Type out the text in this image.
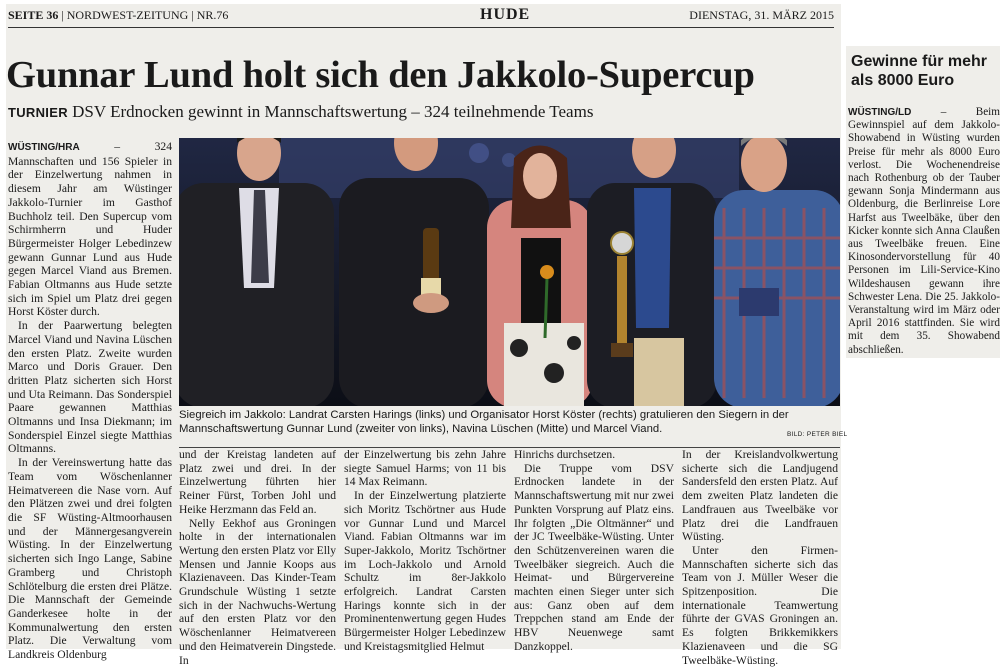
Gewinne für mehr als 8000 Euro

WÜSTING/LD	– Beim Gewinnspiel auf dem Jakkolo-Showabend in Wüsting wurden Preise für mehr als 8000 Euro verlost. Die Wochenendreise nach Rothenburg ob der Tauber gewann Sonja Mindermann aus Oldenburg, die Berlinreise Lore Harfst aus Tweelbäke, über den Kicker konnte sich Anna Claußen aus Tweelbäke freuen. Eine Kinosondervorstellung für 40 Personen im Lili-Service-Kino Wildeshausen gewann ihre Schwester Lena. Die 25. Jakkolo-Veranstaltung wird im März oder April 2016 stattfinden. Sie wird mit dem 35. Showabend abschließen.

SEITE 36 | NORDWEST-ZEITUNG | NR.76	HUDE	DIENSTAG, 31. MÄRZ 2015
Gunnar Lund holt sich den Jakkolo-Supercup
TURNIER DSV Erdnocken gewinnt in Mannschaftswertung – 324 teilnehmende Teams

WÜSTING/HRA	– 324 Mannschaften und 156 Spieler in der Einzelwertung nahmen in diesem Jahr am Wüstinger Jakkolo-Turnier im Gasthof Buchholz teil. Den Supercup vom Schirmherrn und Huder Bürgermeister Holger Lebedinzew gewann Gunnar Lund aus Hude gegen Marcel Viand aus Bremen. Fabian Oltmanns aus Hude setzte sich im Spiel um Platz drei gegen Horst Köster durch.

In der Paarwertung belegten Marcel Viand und Navina Lüschen den ersten Platz. Zweite wurden Marco und Doris Grauer. Den dritten Platz sicherten sich Horst und Uta Reimann. Das Sonderspiel Paare gewannen Matthias Oltmanns und Insa Diekmann; im Sonderspiel Einzel siegte Matthias Oltmanns.

In der Vereinswertung hatte das Team vom Wöschenlanner Heimatvereen die Nase vorn. Auf den Plätzen zwei und drei folgten die SF Wüsting-Altmoorhausen und der Männergesangverein Wüsting. In der Einzelwertung sicherten sich Ingo Lange, Sabine Gramberg und Christoph Schlötelburg die ersten drei Plätze. Die Mannschaft der Gemeinde Ganderkesee holte in der Kommunalwertung den ersten Platz. Die Verwaltung vom Landkreis Oldenburg

Siegreich im Jakkolo: Landrat Carsten Harings (links) und Organisator Horst Köster (rechts) gratulieren den Siegern in der Mannschaftswertung Gunnar Lund (zweiter von links), Navina Lüschen (Mitte) und Marcel Viand.	BILD: PETER BIEL

und der Kreistag landeten auf Platz zwei und drei. In der Einzelwertung führten hier Reiner Fürst, Torben Johl und Heike Herzmann das Feld an.

Nelly Eekhof aus Groningen holte in der internationalen Wertung den ersten Platz vor Elly Mensen und Jannie Koops aus Klazienaveen. Das Kinder-Team Grundschule Wüsting 1 setzte sich in der Nachwuchs-Wertung auf den ersten Platz vor den Wöschenlanner Heimatvereen und den Heimatverein Dingstede. In

der Einzelwertung bis zehn Jahre siegte Samuel Harms; von 11 bis 14 Max Reimann.

In der Einzelwertung platzierte sich Moritz Tschörtner aus Hude vor Gunnar Lund und Marcel Viand. Fabian Oltmanns war im Super-Jakkolo, Moritz Tschörtner im Loch-Jakkolo und Arnold Schultz im 8er-Jakkolo erfolgreich. Landrat Carsten Harings konnte sich in der Prominentenwertung gegen Hudes Bürgermeister Holger Lebedinzew und Kreistagsmitglied Helmut

Hinrichs durchsetzen.

Die Truppe vom DSV Erdnocken landete in der Mannschaftswertung mit nur zwei Punkten Vorsprung auf Platz eins. Ihr folgten „Die Oltmänner“ und der JC Tweelbäke-Wüsting. Unter den Schützenvereinen waren die Tweelbäker siegreich. Auch die Heimat- und Bürgervereine machten einen Sieger unter sich aus: Ganz oben auf dem Treppchen stand am Ende der HBV Neuenwege samt Danzkoppel.

In der Kreislandvolkwertung sicherte sich die Landjugend Sandersfeld den ersten Platz. Auf dem zweiten Platz landeten die Landfrauen aus Tweelbäke vor Platz drei die Landfrauen Wüsting.

Unter den Firmen-Mannschaften sicherte sich das Team von J. Müller Weser die Spitzenposition. Die internationale Teamwertung führte der GVAS Groningen an. Es folgten Brikkemikkers Klazienaveen und die SG Tweelbäke-Wüsting.
